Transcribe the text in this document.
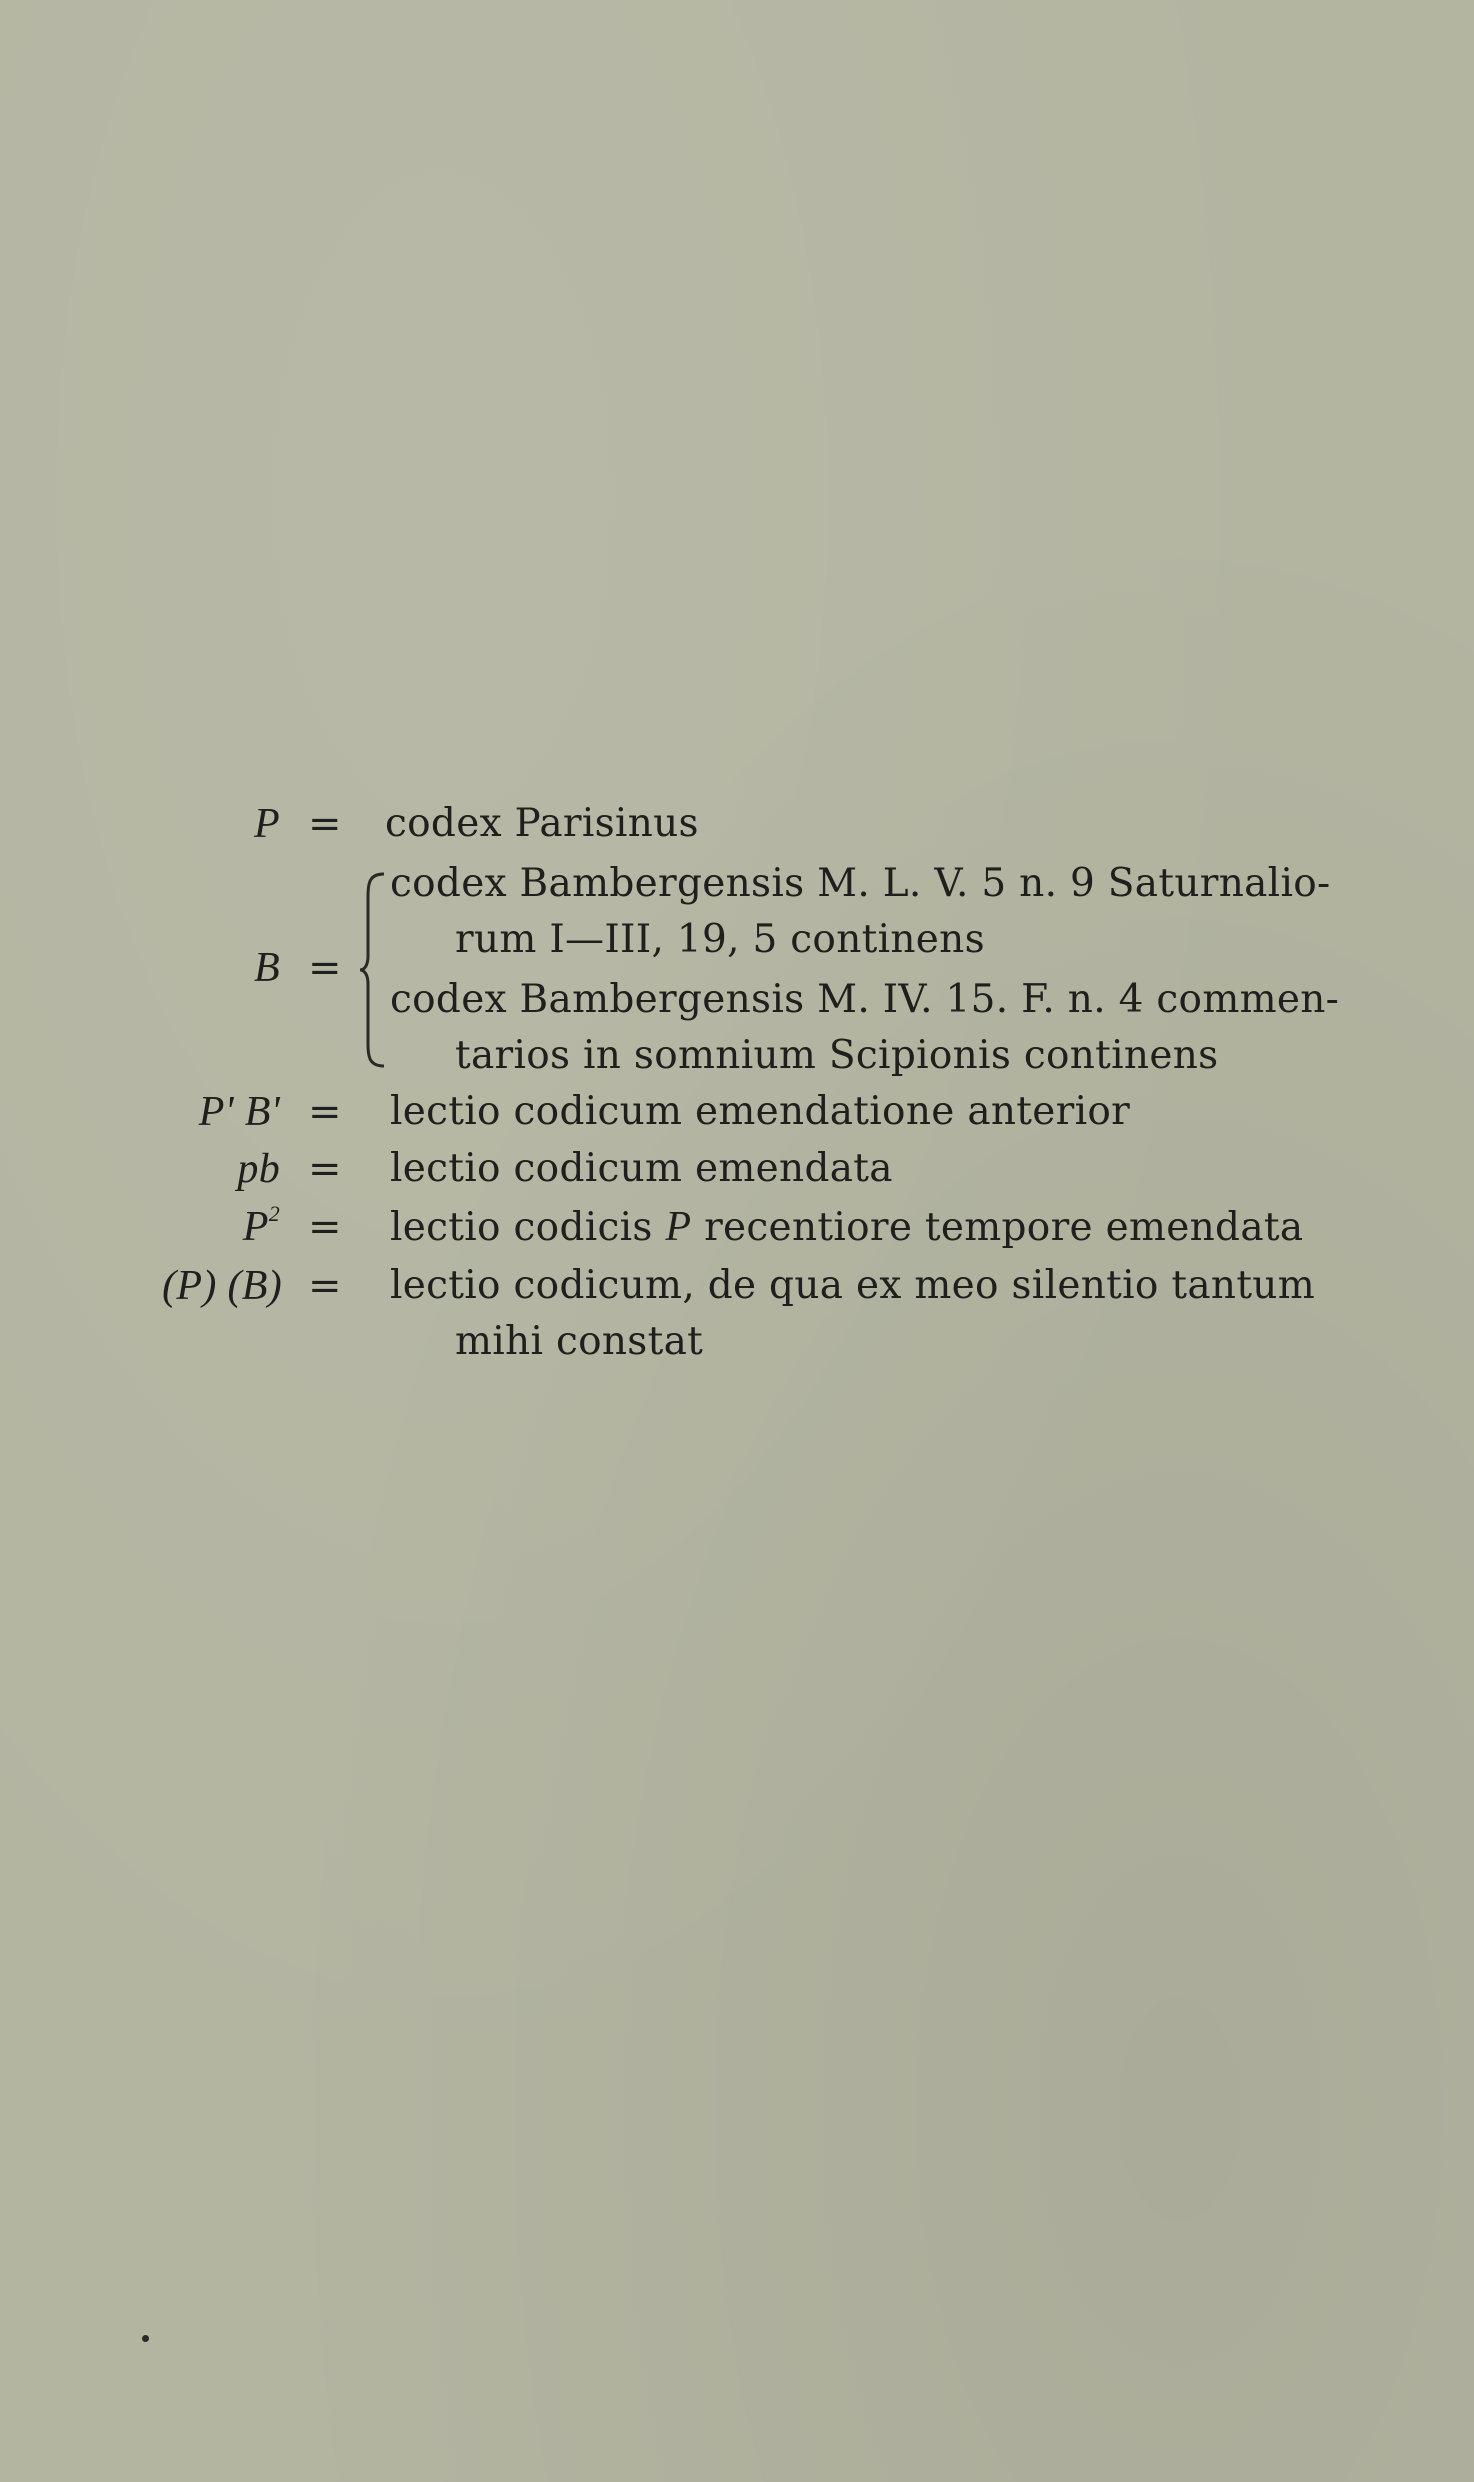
P = codex Parisinus
codex Bambergensis M. L. V. 5 n. 9 Saturnalio-
rum I—III, 19, 5 continens
B =
codex Bambergensis M. IV. 15. F. n. 4 commen-
tarios in somnium Scipionis continens
P' B' = lectio codicum emendatione anterior
pb = lectio codicum emendata
$P^2$ = lectio codicis P recentiore tempore emendata
(P) (B) = lectio codicum, de qua ex meo silentio tantum
mihi constat
